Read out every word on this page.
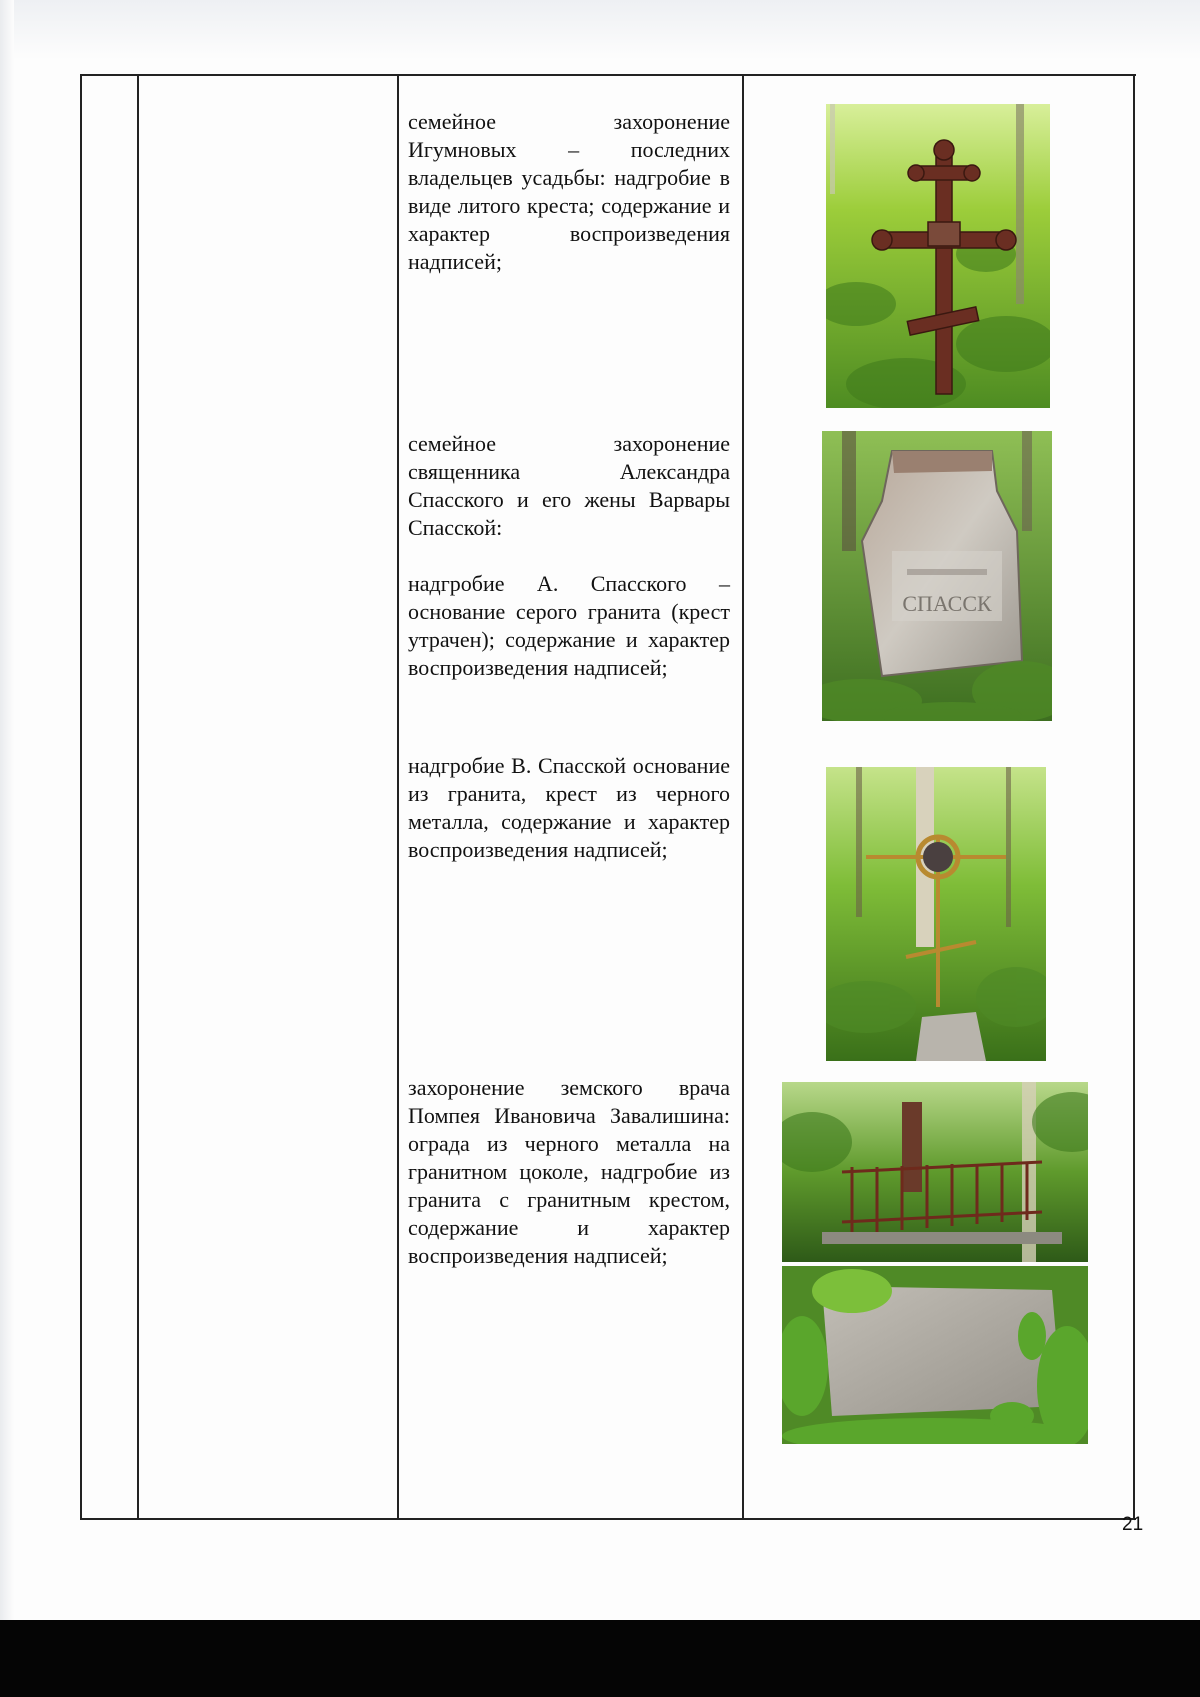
семейное захоронение Игумновых – последних владельцев усадьбы: надгробие в виде литого креста; содержание и характер воспроизведения надписей;

семейное захоронение священника Александра Спасского и его жены Варвары Спасской:

надгробие А. Спасского –основание серого гранита (крест утрачен); содержание и характер воспроизведения надписей;

надгробие В. Спасской основание из гранита, крест из черного металла, содержание и характер воспроизведения надписей;

захоронение земского врача Помпея Ивановича Завалишина: ограда из черного металла на гранитном цоколе, надгробие из гранита с гранитным крестом, содержание и характер воспроизведения надписей;

СПАССК
21
